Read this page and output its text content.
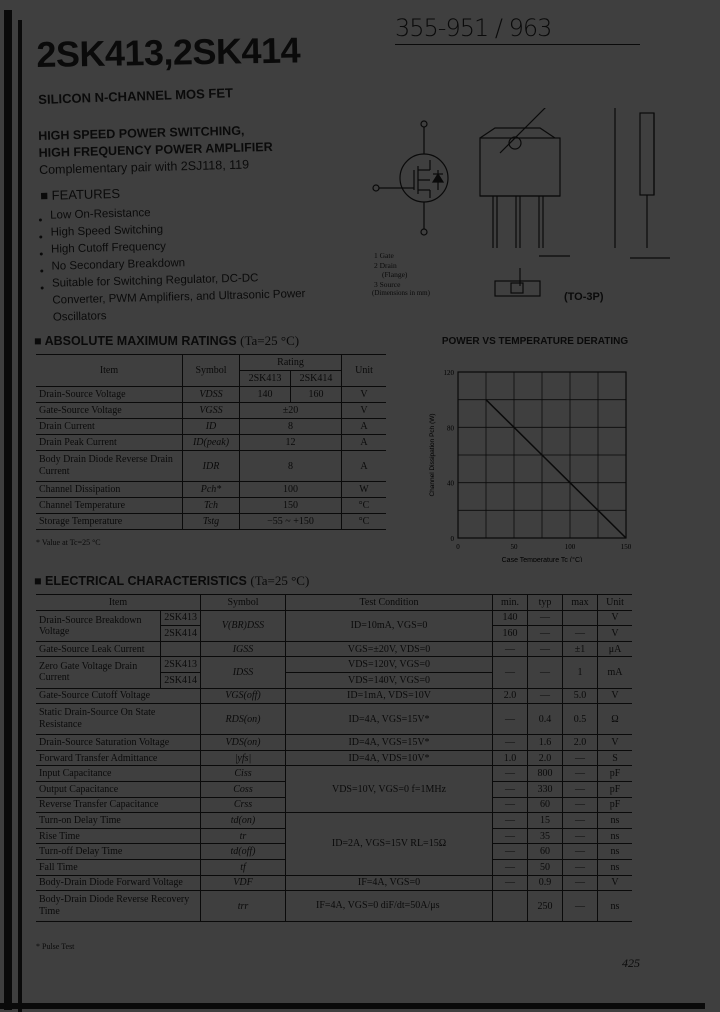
2SK413,2SK414
355-951 / 963
SILICON N-CHANNEL MOS FET
HIGH SPEED POWER SWITCHING,
HIGH FREQUENCY POWER AMPLIFIER
Complementary pair with 2SJ118, 119
■ FEATURES
● Low On-Resistance
● High Speed Switching
● High Cutoff Frequency
● No Secondary Breakdown
● Suitable for Switching Regulator, DC-DC Converter, PWM Amplifiers, and Ultrasonic Power Oscillators
1 Gate
2 Drain
(Flange)
3 Source
(Dimensions in mm)	(TO-3P)
■ ABSOLUTE MAXIMUM RATINGS (Ta=25 °C)
Item	Symbol	Rating		Unit
		2SK413	2SK414	
Drain-Source Voltage	VDSS	140	160	V
Gate-Source Voltage	VGSS	±20		V
Drain Current	ID	8		A
Drain Peak Current	ID(peak)	12		A
Body Drain Diode Reverse Drain Current	IDR	8		A
Channel Dissipation	Pch*	100		W
Channel Temperature	Tch	150		°C
Storage Temperature	Tstg	−55 ~ +150		°C
* Value at Tc=25 °C
POWER VS TEMPERATURE DERATING
0	50	100	150
0
40
80
120
Case Temperature Tc (°C)
Channel Dissipation Pch (W)
■ ELECTRICAL CHARACTERISTICS (Ta=25 °C)
Item		Symbol	Test Condition	min.	typ	max	Unit
Drain-Source Breakdown Voltage	2SK413	V(BR)DSS	ID=10mA, VGS=0	140	—		V
	2SK414			160	—	—	V
Gate-Source Leak Current		IGSS	VGS=±20V, VDS=0	—	—	±1	μA
Zero Gate Voltage Drain Current	2SK413	IDSS	VDS=120V, VGS=0	—	—	1	mA
	2SK414		VDS=140V, VGS=0				
Gate-Source Cutoff Voltage		VGS(off)	ID=1mA, VDS=10V	2.0	—	5.0	V
Static Drain-Source On State Resistance		RDS(on)	ID=4A, VGS=15V*	—	0.4	0.5	Ω
Drain-Source Saturation Voltage		VDS(on)	ID=4A, VGS=15V*	—	1.6	2.0	V
Forward Transfer Admittance		|yfs|	ID=4A, VDS=10V*	1.0	2.0	—	S
Input Capacitance		Ciss	VDS=10V, VGS=0 f=1MHz	—	800	—	pF
Output Capacitance		Coss		—	330	—	pF
Reverse Transfer Capacitance		Crss		—	60	—	pF
Turn-on Delay Time		td(on)	ID=2A, VGS=15V RL=15Ω	—	15	—	ns
Rise Time		tr		—	35	—	ns
Turn-off Delay Time		td(off)		—	60	—	ns
Fall Time		tf		—	50	—	ns
Body-Drain Diode Forward Voltage		VDF	IF=4A, VGS=0	—	0.9	—	V
Body-Drain Diode Reverse Recovery Time		trr	IF=4A, VGS=0 diF/dt=50A/μs		250	—	ns
* Pulse Test
425
